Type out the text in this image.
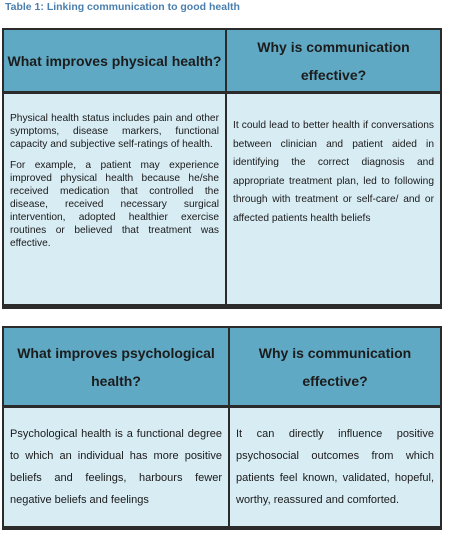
Table 1: Linking communication to good health
What improves physical health?
Why is communication effective?

Physical health status includes pain and other symptoms, disease markers, functional capacity and subjective self-ratings of health.

For example, a patient may experience improved physical health because he/she received medication that controlled the disease, received necessary surgical intervention, adopted healthier exercise routines or believed that treatment was effective.

It could lead to better health if conversations between clinician and patient aided in identifying the correct diagnosis and appropriate treatment plan, led to following through with treatment or self-care/ and or affected patients health beliefs
What improves psychological health?
Why is communication effective?
Psychological health is a functional degree to which an individual has more positive beliefs and feelings, harbours fewer negative beliefs and feelings
It can directly influence positive psychosocial outcomes from which patients feel known, validated, hopeful, worthy, reassured and comforted.
